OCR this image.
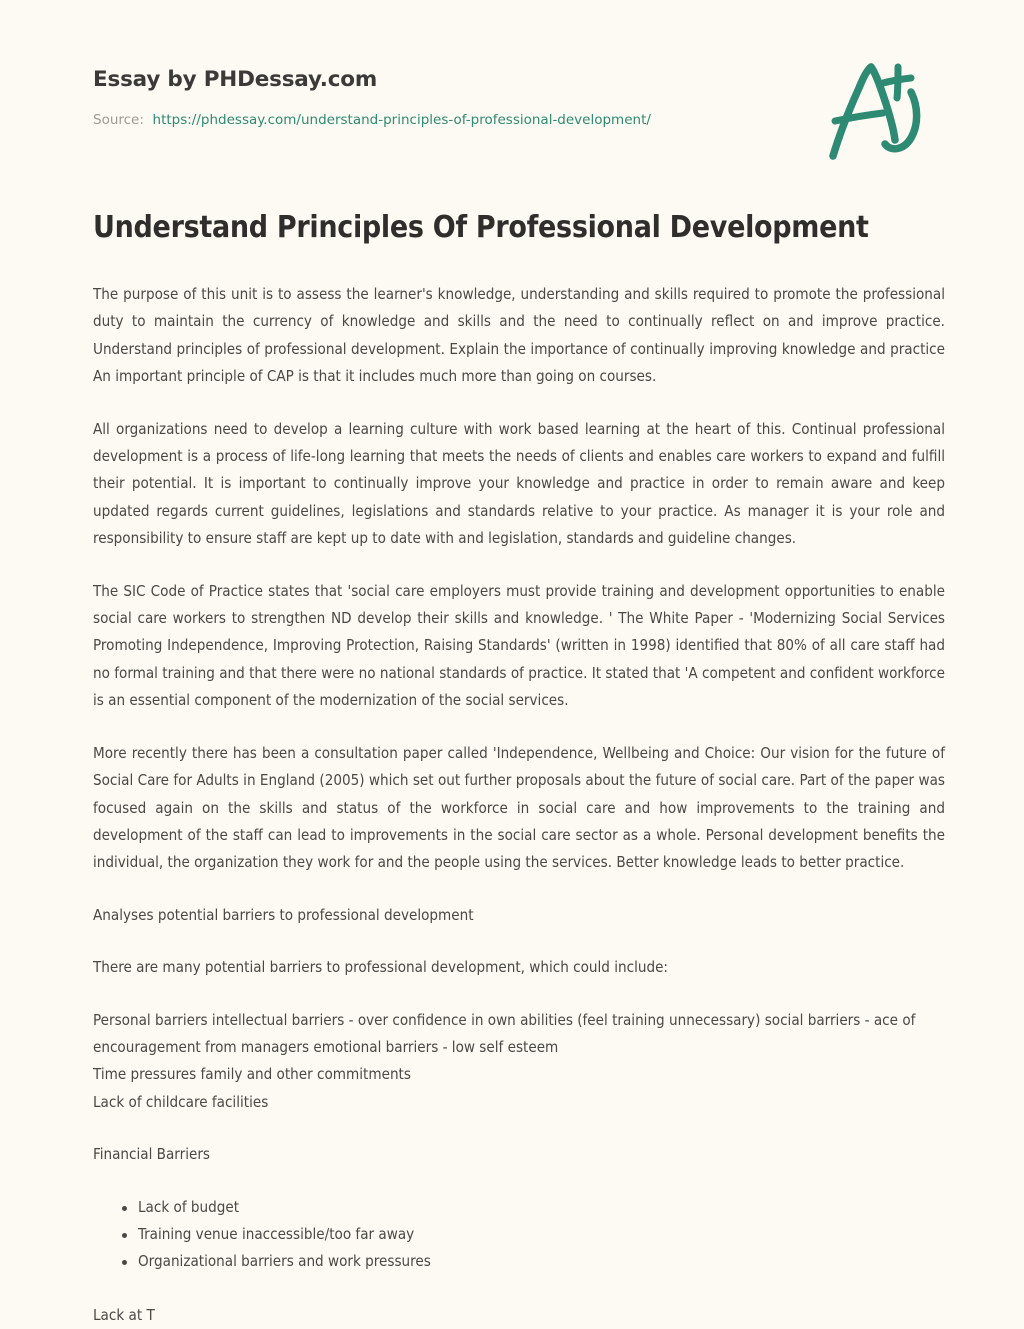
Essay by PHDessay.com
Source: https://phdessay.com/understand-principles-of-professional-development/
Understand Principles Of Professional Development

The purpose of this unit is to assess the learner's knowledge, understanding and skills required to promote the professional duty to maintain the currency of knowledge and skills and the need to continually reflect on and improve practice. Understand principles of professional development. Explain the importance of continually improving knowledge and practice An important principle of CAP is that it includes much more than going on courses.

All organizations need to develop a learning culture with work based learning at the heart of this. Continual professional development is a process of life-long learning that meets the needs of clients and enables care workers to expand and fulfill their potential. It is important to continually improve your knowledge and practice in order to remain aware and keep updated regards current guidelines, legislations and standards relative to your practice. As manager it is your role and responsibility to ensure staff are kept up to date with and legislation, standards and guideline changes.

The SIC Code of Practice states that 'social care employers must provide training and development opportunities to enable social care workers to strengthen ND develop their skills and knowledge. ' The White Paper - 'Modernizing Social Services Promoting Independence, Improving Protection, Raising Standards' (written in 1998) identified that 80% of all care staff had no formal training and that there were no national standards of practice. It stated that 'A competent and confident workforce is an essential component of the modernization of the social services.

More recently there has been a consultation paper called 'Independence, Wellbeing and Choice: Our vision for the future of Social Care for Adults in England (2005) which set out further proposals about the future of social care. Part of the paper was focused again on the skills and status of the workforce in social care and how improvements to the training and development of the staff can lead to improvements in the social care sector as a whole. Personal development benefits the individual, the organization they work for and the people using the services. Better knowledge leads to better practice.

Analyses potential barriers to professional development

There are many potential barriers to professional development, which could include:

Personal barriers intellectual barriers - over confidence in own abilities (feel training unnecessary) social barriers - ace of encouragement from managers emotional barriers - low self esteem

Time pressures family and other commitments

Lack of childcare facilities

Financial Barriers

Lack of budget
Training venue inaccessible/too far away
Organizational barriers and work pressures

Lack at T
